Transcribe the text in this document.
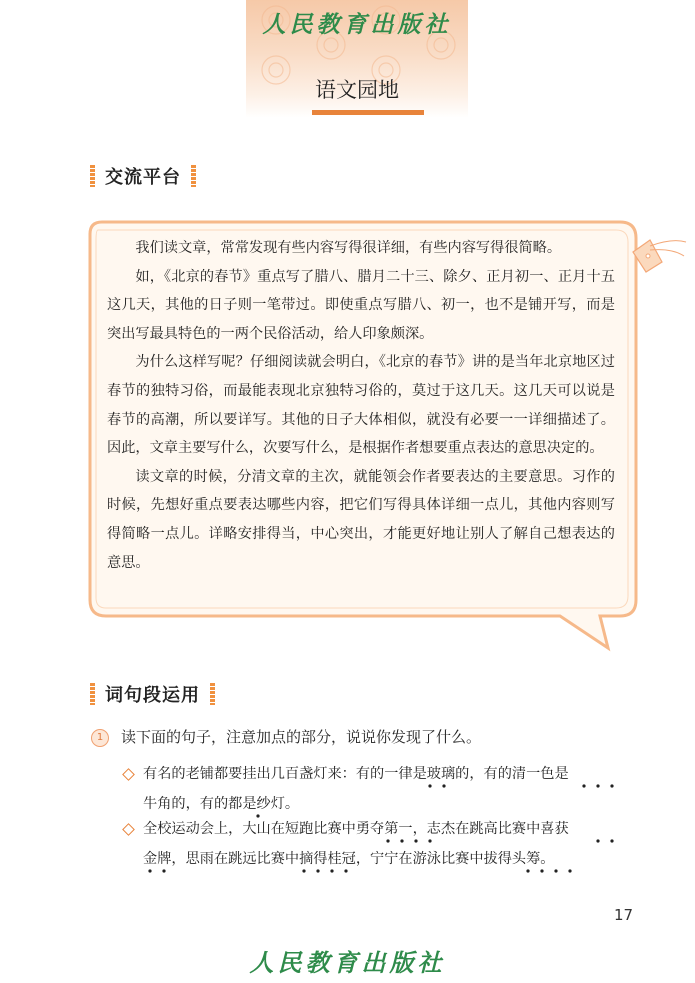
人民教育出版社
语文园地
交流平台

我们读文章，常常发现有些内容写得很详细，有些内容写得很简略。

如，《北京的春节》重点写了腊八、腊月二十三、除夕、正月初一、正月十五这几天，其他的日子则一笔带过。即使重点写腊八、初一，也不是铺开写，而是突出写最具特色的一两个民俗活动，给人印象颇深。

为什么这样写呢？仔细阅读就会明白，《北京的春节》讲的是当年北京地区过春节的独特习俗，而最能表现北京独特习俗的，莫过于这几天。这几天可以说是春节的高潮，所以要详写。其他的日子大体相似，就没有必要一一详细描述了。因此，文章主要写什么，次要写什么，是根据作者想要重点表达的意思决定的。

读文章的时候，分清文章的主次，就能领会作者要表达的主要意思。习作的时候，先想好重点要表达哪些内容，把它们写得具体详细一点儿，其他内容则写得简略一点儿。详略安排得当，中心突出，才能更好地让别人了解自己想表达的意思。

词句段运用
1	读下面的句子，注意加点的部分，说说你发现了什么。
有名的老铺都要挂出几百盏灯来：有的一律是玻璃的，有的清一色是
牛角的，有的都是纱灯。
全校运动会上，大山在短跑比赛中勇夺第一，志杰在跳高比赛中喜获
金牌，思雨在跳远比赛中摘得桂冠，宁宁在游泳比赛中拔得头筹。
17
人民教育出版社
